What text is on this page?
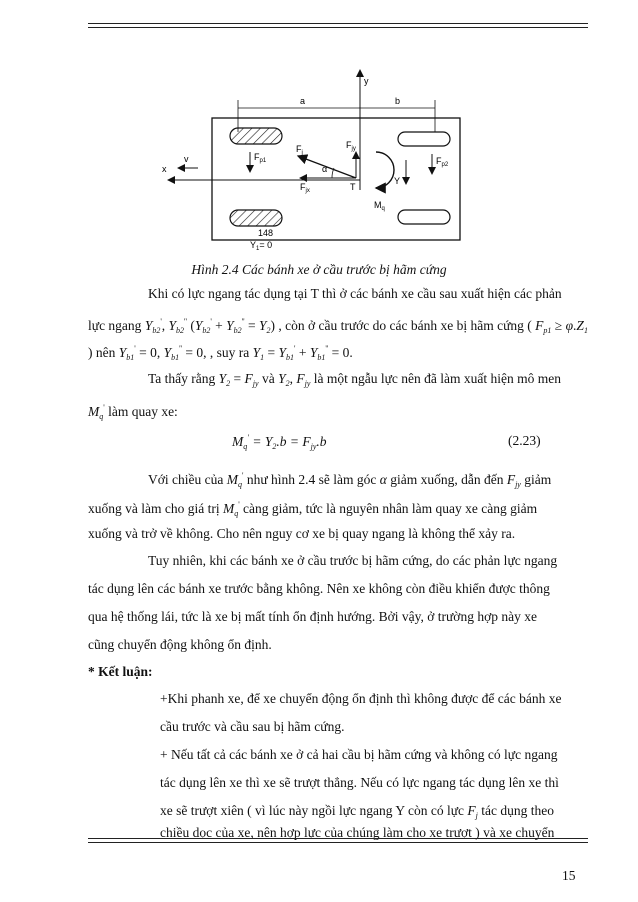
y
x
v
a	b
$F_{p1}$	$F_{p2}$
$F_j$
$F_{jy}$
$F_{jx}$
α
T
$M_q$
Y
148
$Y_1= 0$
Hình 2.4 Các bánh xe ở cầu trước bị hãm cứng
Khi có lực ngang tác dụng tại T thì ở các bánh xe cầu sau xuất hiện các phản
lực ngang $Y_{b2}'$, $Y_{b2}''$ $(Y_{b2}' + Y_{b2}'' = Y_2)$ , còn ở cầu trước do các bánh xe bị hãm cứng ( $F_{p1} \ge \varphi.Z_1$
) nên $Y_{b1}' = 0$, $Y_{b1}'' = 0$, , suy ra $Y_1 = Y_{b1}' + Y_{b1}'' = 0$.
Ta thấy rằng $Y_2 = F_{jy}$ và $Y_2$, $F_{jy}$ là một ngẫu lực nên đã làm xuất hiện mô men
$M_q'$ làm quay xe:
$M_q' = Y_2.b = F_{jy}.b$	(2.23)
Với chiều của $M_q'$ như hình 2.4 sẽ làm góc α giảm xuống, dẫn đến $F_{jy}$ giảm
xuống và làm cho giá trị $M_q'$ càng giảm, tức là nguyên nhân làm quay xe càng giảm
xuống và trở về không. Cho nên nguy cơ xe bị quay ngang là không thể xảy ra.
Tuy nhiên, khi các bánh xe ở cầu trước bị hãm cứng, do các phản lực ngang
tác dụng lên các bánh xe trước bằng không. Nên xe không còn điều khiển được thông
qua hệ thống lái, tức là xe bị mất tính ổn định hướng. Bởi vậy, ở trường hợp này xe
cũng chuyển động không ổn định.
* Kết luận:
+Khi phanh xe, để xe chuyển động ổn định thì không được để các bánh xe
cầu trước và cầu sau bị hãm cứng.
+ Nếu tất cả các bánh xe ở cả hai cầu bị hãm cứng và không có lực ngang
tác dụng lên xe thì xe sẽ trượt thẳng. Nếu có lực ngang tác dụng lên xe thì
xe sẽ trượt xiên ( vì lúc này ngồi lực ngang Y còn có lực $F_j$ tác dụng theo
chiều dọc của xe, nên hợp lực của chúng làm cho xe trượt ) và xe chuyển
15
